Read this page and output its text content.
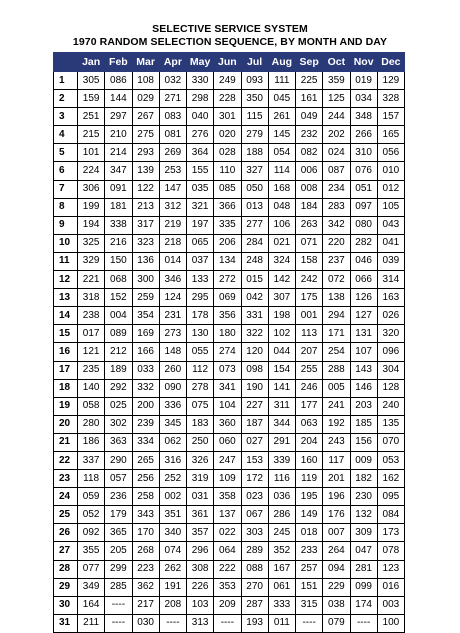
SELECTIVE SERVICE SYSTEM
1970 RANDOM SELECTION SEQUENCE, BY MONTH AND DAY
	Jan	Feb	Mar	Apr	May	Jun	Jul	Aug	Sep	Oct	Nov	Dec
1	305	086	108	032	330	249	093	111	225	359	019	129
2	159	144	029	271	298	228	350	045	161	125	034	328
3	251	297	267	083	040	301	115	261	049	244	348	157
4	215	210	275	081	276	020	279	145	232	202	266	165
5	101	214	293	269	364	028	188	054	082	024	310	056
6	224	347	139	253	155	110	327	114	006	087	076	010
7	306	091	122	147	035	085	050	168	008	234	051	012
8	199	181	213	312	321	366	013	048	184	283	097	105
9	194	338	317	219	197	335	277	106	263	342	080	043
10	325	216	323	218	065	206	284	021	071	220	282	041
11	329	150	136	014	037	134	248	324	158	237	046	039
12	221	068	300	346	133	272	015	142	242	072	066	314
13	318	152	259	124	295	069	042	307	175	138	126	163
14	238	004	354	231	178	356	331	198	001	294	127	026
15	017	089	169	273	130	180	322	102	113	171	131	320
16	121	212	166	148	055	274	120	044	207	254	107	096
17	235	189	033	260	112	073	098	154	255	288	143	304
18	140	292	332	090	278	341	190	141	246	005	146	128
19	058	025	200	336	075	104	227	311	177	241	203	240
20	280	302	239	345	183	360	187	344	063	192	185	135
21	186	363	334	062	250	060	027	291	204	243	156	070
22	337	290	265	316	326	247	153	339	160	117	009	053
23	118	057	256	252	319	109	172	116	119	201	182	162
24	059	236	258	002	031	358	023	036	195	196	230	095
25	052	179	343	351	361	137	067	286	149	176	132	084
26	092	365	170	340	357	022	303	245	018	007	309	173
27	355	205	268	074	296	064	289	352	233	264	047	078
28	077	299	223	262	308	222	088	167	257	094	281	123
29	349	285	362	191	226	353	270	061	151	229	099	016
30	164	----	217	208	103	209	287	333	315	038	174	003
31	211	----	030	----	313	----	193	011	----	079	----	100
